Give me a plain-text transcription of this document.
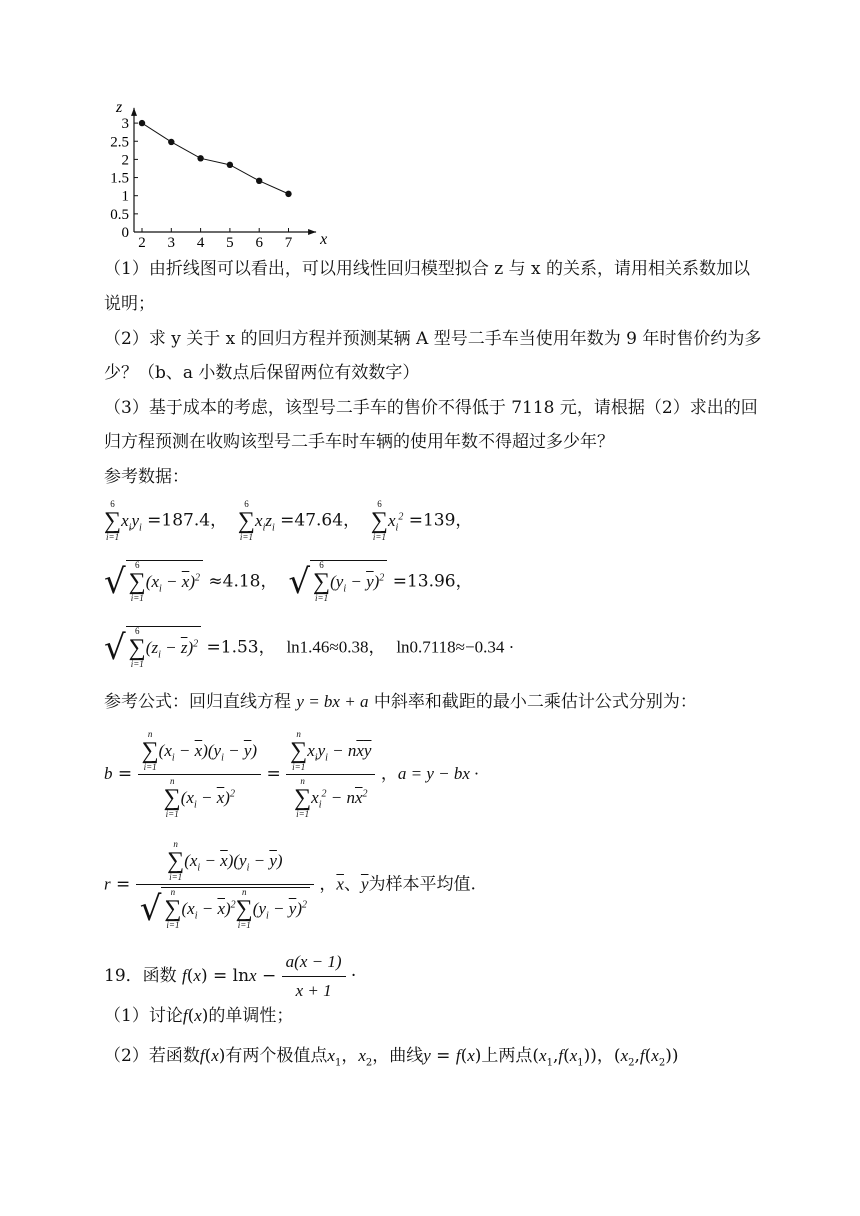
2 3 4 5 6 7
0
0.5
1
1.5
2
2.5
3
x
z
（1）由折线图可以看出，可以用线性回归模型拟合 z 与 x 的关系，请用相关系数加以
说明；
（2）求 y 关于 x 的回归方程并预测某辆 A 型号二手车当使用年数为 9 年时售价约为多
少？（b、a 小数点后保留两位有效数字）
（3）基于成本的考虑，该型号二手车的售价不得低于 7118 元，请根据（2）求出的回
归方程预测在收购该型号二手车时车辆的使用年数不得超过多少年？
参考数据：
6
∑
i=1
$x_iy_i =187.4$，
6
∑
i=1
$x_iz_i =47.64$，
6
∑
i=1
$x_i^2 =139$，
√	6
∑
i=1
$(x_i - \overline{x})^2 \approx 4.18$， √	6
∑
i=1
$(y_i - \overline{y})^2 =13.96$，
√	6
∑
i=1
$(z_i - \overline{z})^2 =1.53$， ln1.46≈0.38， ln0.7118≈−0.34 ·
参考公式：回归直线方程 y = bx + a 中斜率和截距的最小二乘估计公式分别为：
b = n
∑
i=1
$(x_i - \overline{x})(y_i - \overline{y})$
n
∑
i=1
$(x_i - \overline{x})^2 = n$
∑
i=1
$x_iy_i - n\overline{x}\overline{y}$
n
∑
i=1
$x_i^2 - n\overline{x}^2$ ，a = y − bx ·
r = n
∑
i=1
$(x_i - \overline{x})(y_i - \overline{y})$
√	n
∑
i=1
$(x_i - \overline{x})^2$
n
∑
i=1
$(y_i - \overline{y})^2$ ，$\overline{x}$、$\overline{y}$为样本平均值.
19．函数 $f(x) = \ln x - \frac{a(x - 1)}{x + 1}$ ·
（1）讨论f(x)的单调性；
（2）若函数f(x)有两个极值点$x_1$，$x_2$，曲线y = f(x)上两点$(x_1,f(x_1))$，$(x_2,f(x_2))$
